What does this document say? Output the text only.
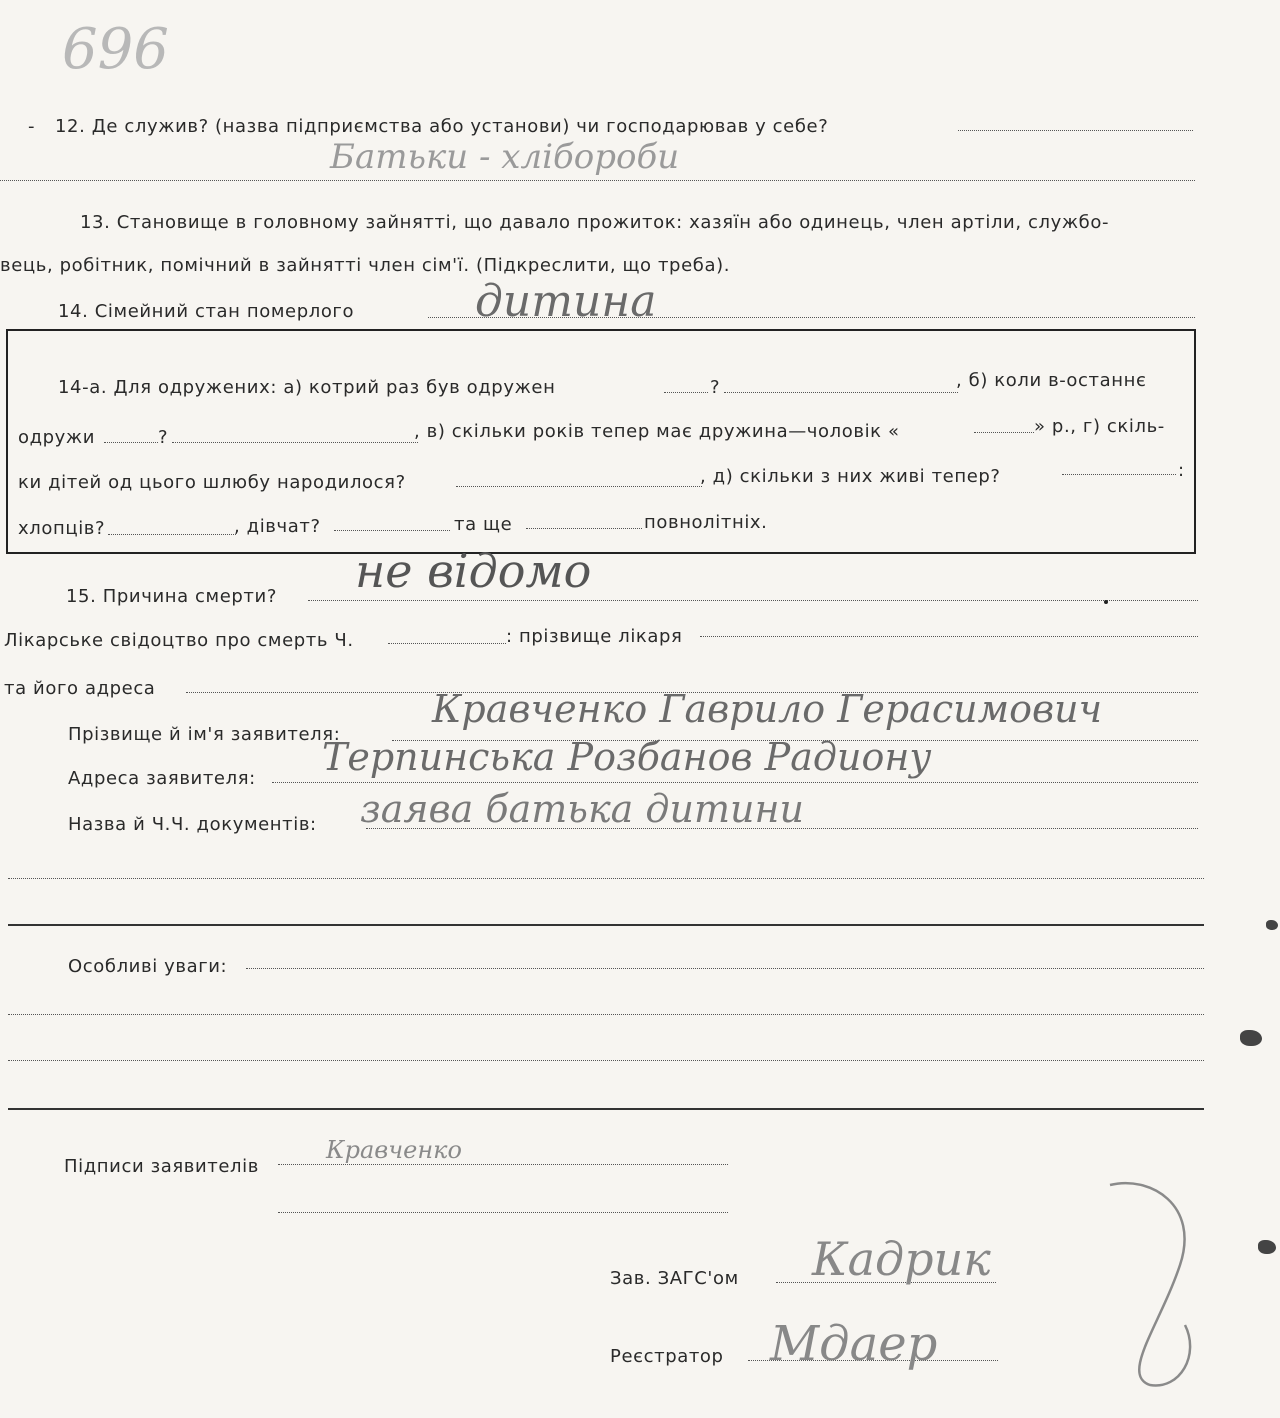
696
- 12. Де служив? (назва підприємства або установи) чи господарював у себе?
Батьки - хлібороби
13. Становище в головному зайнятті, що давало прожиток: хазяїн або одинець, член артіли, службо-
вець, робітник, помічний в зайнятті член сім'ї. (Підкреслити, що треба).
14. Сімейний стан померлого	дитина
14-а. Для одружених: а) котрий раз був одружен	?	, б) коли в-останнє
одружи	?	, в) скільки років тепер має дружина—чоловік «	» р., г) скіль-
ки дітей од цього шлюбу народилося?	, д) скільки з них живі тепер?	:
хлопців?	, дівчат?	та ще	повнолітніх.
15. Причина смерти? не відомо
Лікарське свідоцтво про смерть Ч.	: прізвище лікаря
та його адреса
Прізвище й ім'я заявителя:
Кравченко Гаврило Герасимович
Адреса заявителя: Терпинська Розбанов Радиону
Назва й Ч.Ч. документів: заява батька дитини
Особливі уваги:
Підписи заявителів
Кравченко
Зав. ЗАГС'ом Кадрик
Реєстратор Мдаер
